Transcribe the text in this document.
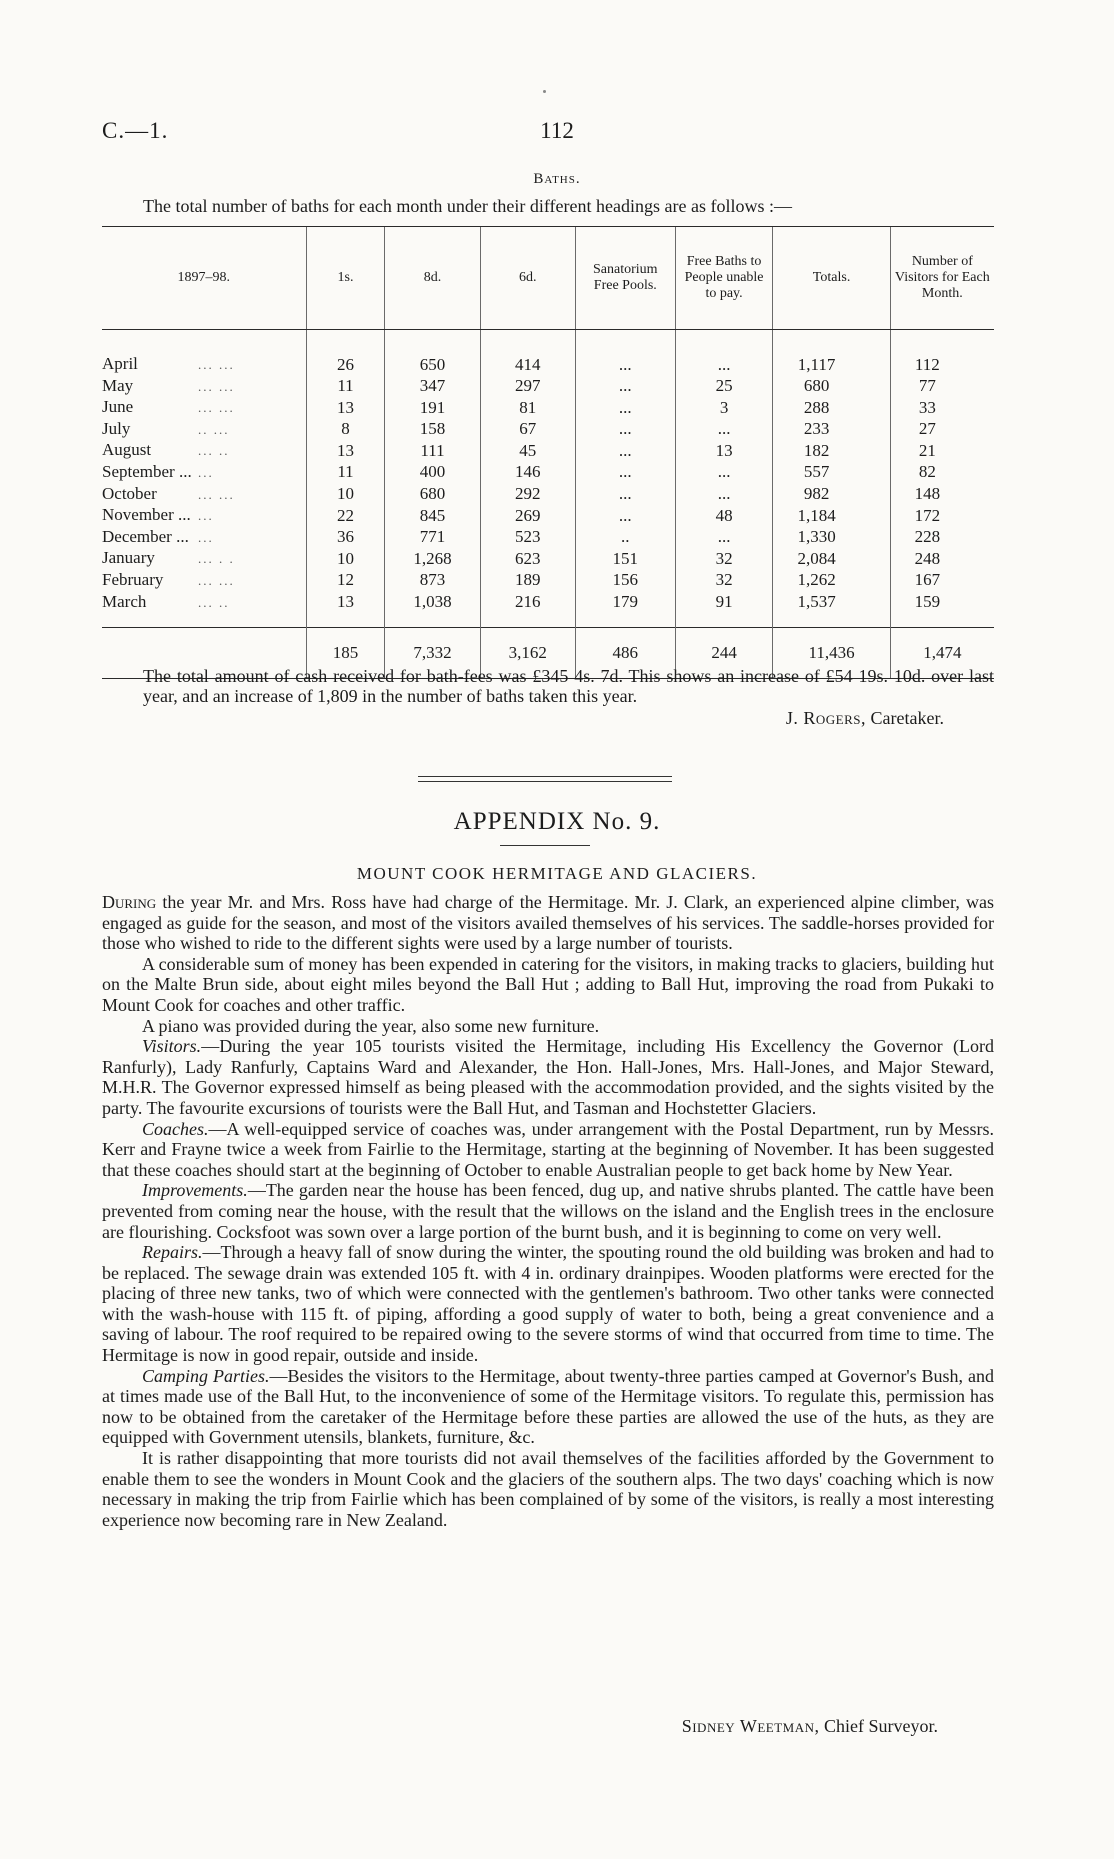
C.—1.	112
Baths.
The total number of baths for each month under their different headings are as follows :—
1897–98.	1s.	8d.	6d.	Sanatorium Free Pools.	Free Baths to People unable to pay.	Totals.	Number of Visitors for Each Month.

April ... ...	26	650	414	...	...	1,117	112
May ... ...	11	347	297	...	25	680	77
June ... ...	13	191	81	...	3	288	33
July .. ...	8	158	67	...	...	233	27
August ... ..	13	111	45	...	13	182	21
September ... ...	11	400	146	...	...	557	82
October ... ...	10	680	292	...	...	982	148
November ... ...	22	845	269	...	48	1,184	172
December ... ...	36	771	523	..	...	1,330	228
January ... . .	10	1,268	623	151	32	2,084	248
February ... ...	12	873	189	156	32	1,262	167
March ... ..	13	1,038	216	179	91	1,537	159
	185	7,332	3,162	486	244	11,436	1,474
The total amount of cash received for bath-fees was £345 4s. 7d. This shows an increase of £54 19s. 10d. over last year, and an increase of 1,809 in the number of baths taken this year.
J. Rogers, Caretaker.
APPENDIX No. 9.
MOUNT COOK HERMITAGE AND GLACIERS.

During the year Mr. and Mrs. Ross have had charge of the Hermitage. Mr. J. Clark, an experienced alpine climber, was engaged as guide for the season, and most of the visitors availed themselves of his services. The saddle-horses provided for those who wished to ride to the different sights were used by a large number of tourists.

A considerable sum of money has been expended in catering for the visitors, in making tracks to glaciers, building hut on the Malte Brun side, about eight miles beyond the Ball Hut ; adding to Ball Hut, improving the road from Pukaki to Mount Cook for coaches and other traffic.

A piano was provided during the year, also some new furniture.

Visitors.—During the year 105 tourists visited the Hermitage, including His Excellency the Governor (Lord Ranfurly), Lady Ranfurly, Captains Ward and Alexander, the Hon. Hall-Jones, Mrs. Hall-Jones, and Major Steward, M.H.R. The Governor expressed himself as being pleased with the accommodation provided, and the sights visited by the party. The favourite excursions of tourists were the Ball Hut, and Tasman and Hochstetter Glaciers.

Coaches.—A well-equipped service of coaches was, under arrangement with the Postal Department, run by Messrs. Kerr and Frayne twice a week from Fairlie to the Hermitage, starting at the beginning of November. It has been suggested that these coaches should start at the beginning of October to enable Australian people to get back home by New Year.

Improvements.—The garden near the house has been fenced, dug up, and native shrubs planted. The cattle have been prevented from coming near the house, with the result that the willows on the island and the English trees in the enclosure are flourishing. Cocksfoot was sown over a large portion of the burnt bush, and it is beginning to come on very well.

Repairs.—Through a heavy fall of snow during the winter, the spouting round the old building was broken and had to be replaced. The sewage drain was extended 105 ft. with 4 in. ordinary drainpipes. Wooden platforms were erected for the placing of three new tanks, two of which were connected with the gentlemen's bathroom. Two other tanks were connected with the wash-house with 115 ft. of piping, affording a good supply of water to both, being a great convenience and a saving of labour. The roof required to be repaired owing to the severe storms of wind that occurred from time to time. The Hermitage is now in good repair, outside and inside.

Camping Parties.—Besides the visitors to the Hermitage, about twenty-three parties camped at Governor's Bush, and at times made use of the Ball Hut, to the inconvenience of some of the Hermitage visitors. To regulate this, permission has now to be obtained from the caretaker of the Hermitage before these parties are allowed the use of the huts, as they are equipped with Government utensils, blankets, furniture, &c.

It is rather disappointing that more tourists did not avail themselves of the facilities afforded by the Government to enable them to see the wonders in Mount Cook and the glaciers of the southern alps. The two days' coaching which is now necessary in making the trip from Fairlie which has been complained of by some of the visitors, is really a most interesting experience now becoming rare in New Zealand.

Sidney Weetman, Chief Surveyor.
